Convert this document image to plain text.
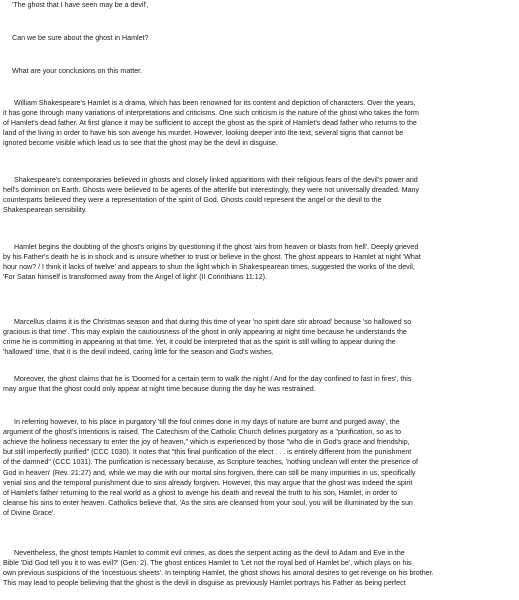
'The ghost that I have seen may be a devil',
Can we be sure about the ghost in Hamlet?
What are your conclusions on this matter.
William Shakespeare's Hamlet is a drama, which has been renowned for its content and depiction of characters. Over the years,
it has gone through many variations of interpretations and criticisms. One such criticism is the nature of the ghost who takes the form
of Hamlet's dead father. At first glance it may be sufficient to accept the ghost as the spirit of Hamlet's dead father who returns to the
land of the living in order to have his son avenge his murder. However, looking deeper into the text, several signs that cannot be
ignored become visible which lead us to see that the ghost may be the devil in disguise.
Shakespeare's contemporaries believed in ghosts and closely linked apparitions with their religious fears of the devil's power and
hell's dominion on Earth. Ghosts were believed to be agents of the afterlife but interestingly, they were not universally dreaded. Many
counterparts believed they were a representation of the spirit of God. Ghosts could represent the angel or the devil to the
Shakespearean sensibility.
Hamlet begins the doubting of the ghost's origins by questioning if the ghost 'airs from heaven or blasts from hell'. Deeply grieved
by his Father's death he is in shock and is unsure whether to trust or believe in the ghost. The ghost appears to Hamlet at night 'What
hour now? / I think it lacks of twelve' and appears to shun the light which in Shakespearean times, suggested the works of the devil,
'For Satan himself is transformed away from the Angel of light' (II Corinthians 11:12).
Marcellus claims it is the Christmas season and that during this time of year 'no spirit dare stir abroad' because 'so hallowed so
gracious is that time'. This may explain the cautiousness of the ghost in only appearing at night time because he understands the
crime he is committing in appearing at that time. Yet, it could be interpreted that as the spirit is still willing to appear during the
'hallowed' time, that it is the devil indeed, caring little for the season and God's wishes.
Moreover, the ghost claims that he is 'Doomed for a certain term to walk the night / And for the day confined to fast in fires', this
may argue that the ghost could only appear at night time because during the day he was restrained.
In referring however, to his place in purgatory 'till the foul crimes done in my days of nature are burnt and purged away', the
argument of the ghost's intentions is raised. The Catechism of the Catholic Church defines purgatory as a "purification, so as to
achieve the holiness necessary to enter the joy of heaven," which is experienced by those "who die in God's grace and friendship,
but still imperfectly purified" (CCC 1030). It notes that "this final purification of the elect . . . is entirely different from the punishment
of the damned" (CCC 1031). The purification is necessary because, as Scripture teaches, 'nothing unclean will enter the presence of
God in heaven' (Rev. 21:27) and, while we may die with our mortal sins forgiven, there can still be many impurities in us, specifically
venial sins and the temporal punishment due to sins already forgiven. However, this may argue that the ghost was indeed the spirit
of Hamlet's father returning to the real world as a ghost to avenge his death and reveal the truth to his son, Hamlet, in order to
cleanse his sins to enter heaven. Catholics believe that, 'As the sins are cleansed from your soul, you will be illuminated by the sun
of Divine Grace'.
Nevertheless, the ghost tempts Hamlet to commit evil crimes, as does the serpent acting as the devil to Adam and Eve in the
Bible 'Did God tell you it to was evil?' (Gen: 2). The ghost entices Hamlet to 'Let not the royal bed of Hamlet be', which plays on his
own previous suspicions of the 'incestuous sheets'. In tempting Hamlet, the ghost shows his amoral desires to get revenge on his brother.
This may lead to people believing that the ghost is the devil in disguise as previously Hamlet portrays his Father as being perfect
